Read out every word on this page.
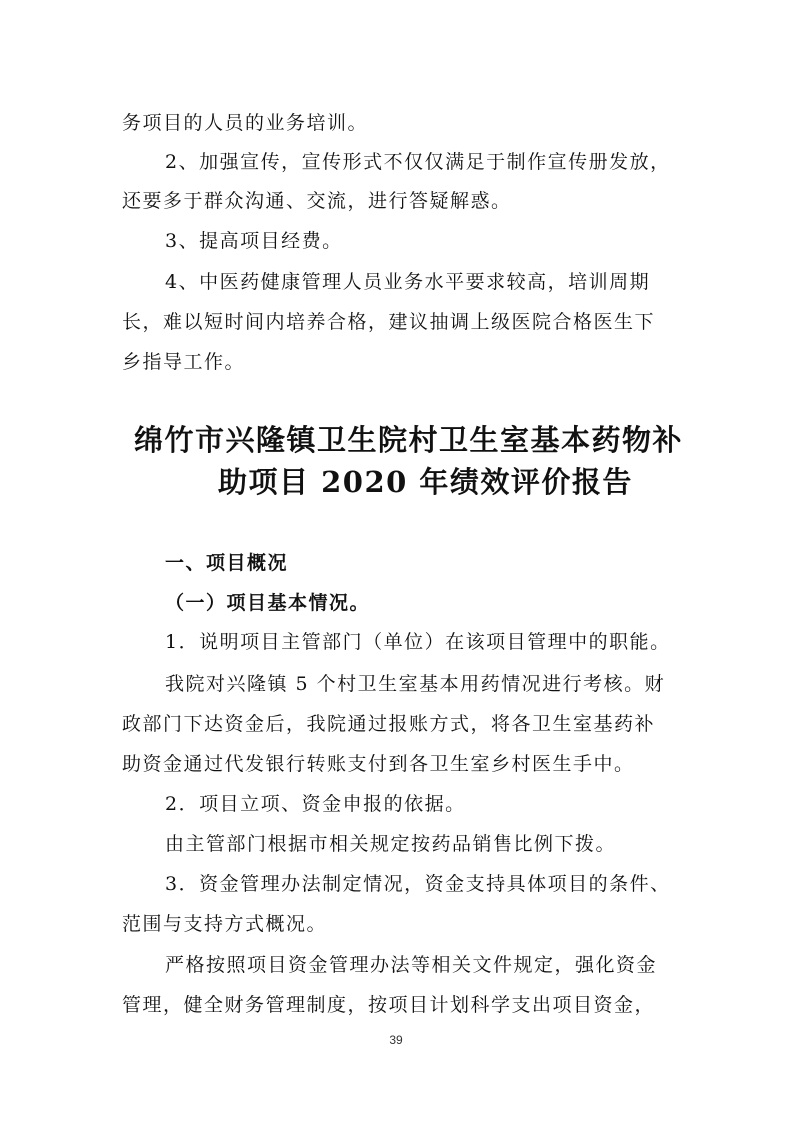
务项目的人员的业务培训。
2、加强宣传，宣传形式不仅仅满足于制作宣传册发放，
还要多于群众沟通、交流，进行答疑解惑。
3、提高项目经费。
4、中医药健康管理人员业务水平要求较高，培训周期
长，难以短时间内培养合格，建议抽调上级医院合格医生下
乡指导工作。
绵竹市兴隆镇卫生院村卫生室基本药物补
助项目 2020 年绩效评价报告
一、项目概况
（一）项目基本情况。
1．说明项目主管部门（单位）在该项目管理中的职能。
我院对兴隆镇 5 个村卫生室基本用药情况进行考核。财
政部门下达资金后，我院通过报账方式，将各卫生室基药补
助资金通过代发银行转账支付到各卫生室乡村医生手中。
2．项目立项、资金申报的依据。
由主管部门根据市相关规定按药品销售比例下拨。
3．资金管理办法制定情况，资金支持具体项目的条件、
范围与支持方式概况。
严格按照项目资金管理办法等相关文件规定，强化资金
管理，健全财务管理制度，按项目计划科学支出项目资金，
39
